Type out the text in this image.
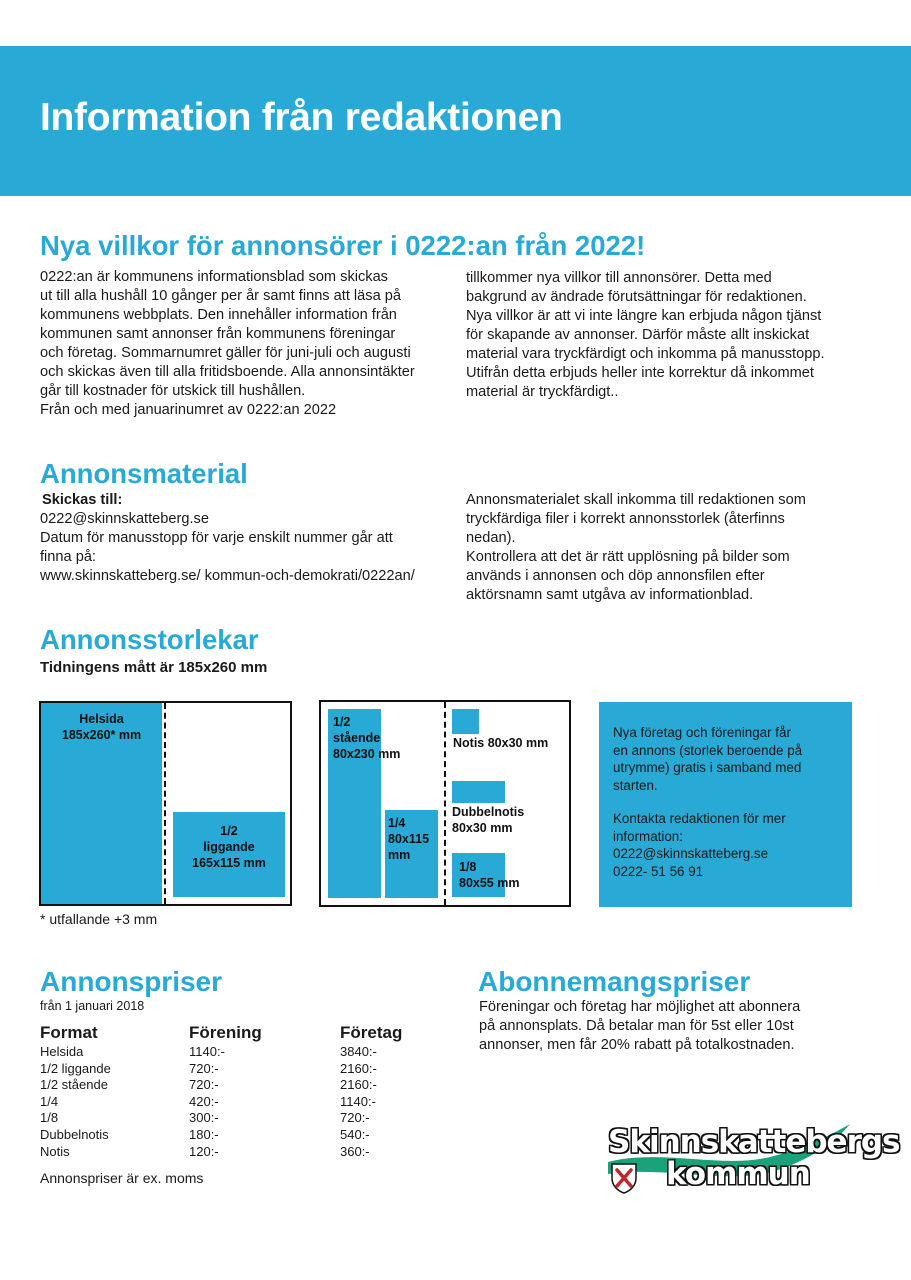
Information från redaktionen
Nya villkor för annonsörer i 0222:an från 2022!
0222:an är kommunens informationsblad som skickas
ut till alla hushåll 10 gånger per år samt finns att läsa på
kommunens webbplats. Den innehåller information från
kommunen samt annonser från kommunens föreningar
och företag. Sommarnumret gäller för juni-juli och augusti
och skickas även till alla fritidsboende. Alla annonsintäkter
går till kostnader för utskick till hushållen.
Från och med januarinumret av 0222:an 2022
tillkommer nya villkor till annonsörer. Detta med
bakgrund av ändrade förutsättningar för redaktionen.
Nya villkor är att vi inte längre kan erbjuda någon tjänst
för skapande av annonser. Därför måste allt inskickat
material vara tryckfärdigt och inkomma på manusstopp.
Utifrån detta erbjuds heller inte korrektur då inkommet
material är tryckfärdigt..
Annonsmaterial
Skickas till:
0222@skinnskatteberg.se
Datum för manusstopp för varje enskilt nummer går att
finna på:
www.skinnskatteberg.se/ kommun-och-demokrati/0222an/
Annonsmaterialet skall inkomma till redaktionen som
tryckfärdiga filer i korrekt annonsstorlek (återfinns
nedan).
Kontrollera att det är rätt upplösning på bilder som
används i annonsen och döp annonsfilen efter
aktörsnamn samt utgåva av informationblad.
Annonsstorlekar
Tidningens mått är 185x260 mm
Helsida
185x260* mm
1/2
liggande
165x115 mm
* utfallande +3 mm
1/2
stående
80x230 mm
1/4
80x115
mm
Notis 80x30 mm
Dubbelnotis
80x30 mm
1/8
80x55 mm
Nya företag och föreningar får
en annons (storlek beroende på
utrymme) gratis i samband med
starten.
Kontakta redaktionen för mer
information:
0222@skinnskatteberg.se
0222- 51 56 91
Annonspriser
från 1 januari 2018
Format	Förening	Företag
Helsida	1140:-	3840:-
1/2 liggande	720:-	2160:-
1/2 stående	720:-	2160:-
1/4	420:-	1140:-
1/8	300:-	720:-
Dubbelnotis	180:-	540:-
Notis	120:-	360:-
Annonspriser är ex. moms
Abonnemangspriser
Föreningar och företag har möjlighet att abonnera
på annonsplats. Då betalar man för 5st eller 10st
annonser, men får 20% rabatt på totalkostnaden.
Skinnskattebergs
kommun
